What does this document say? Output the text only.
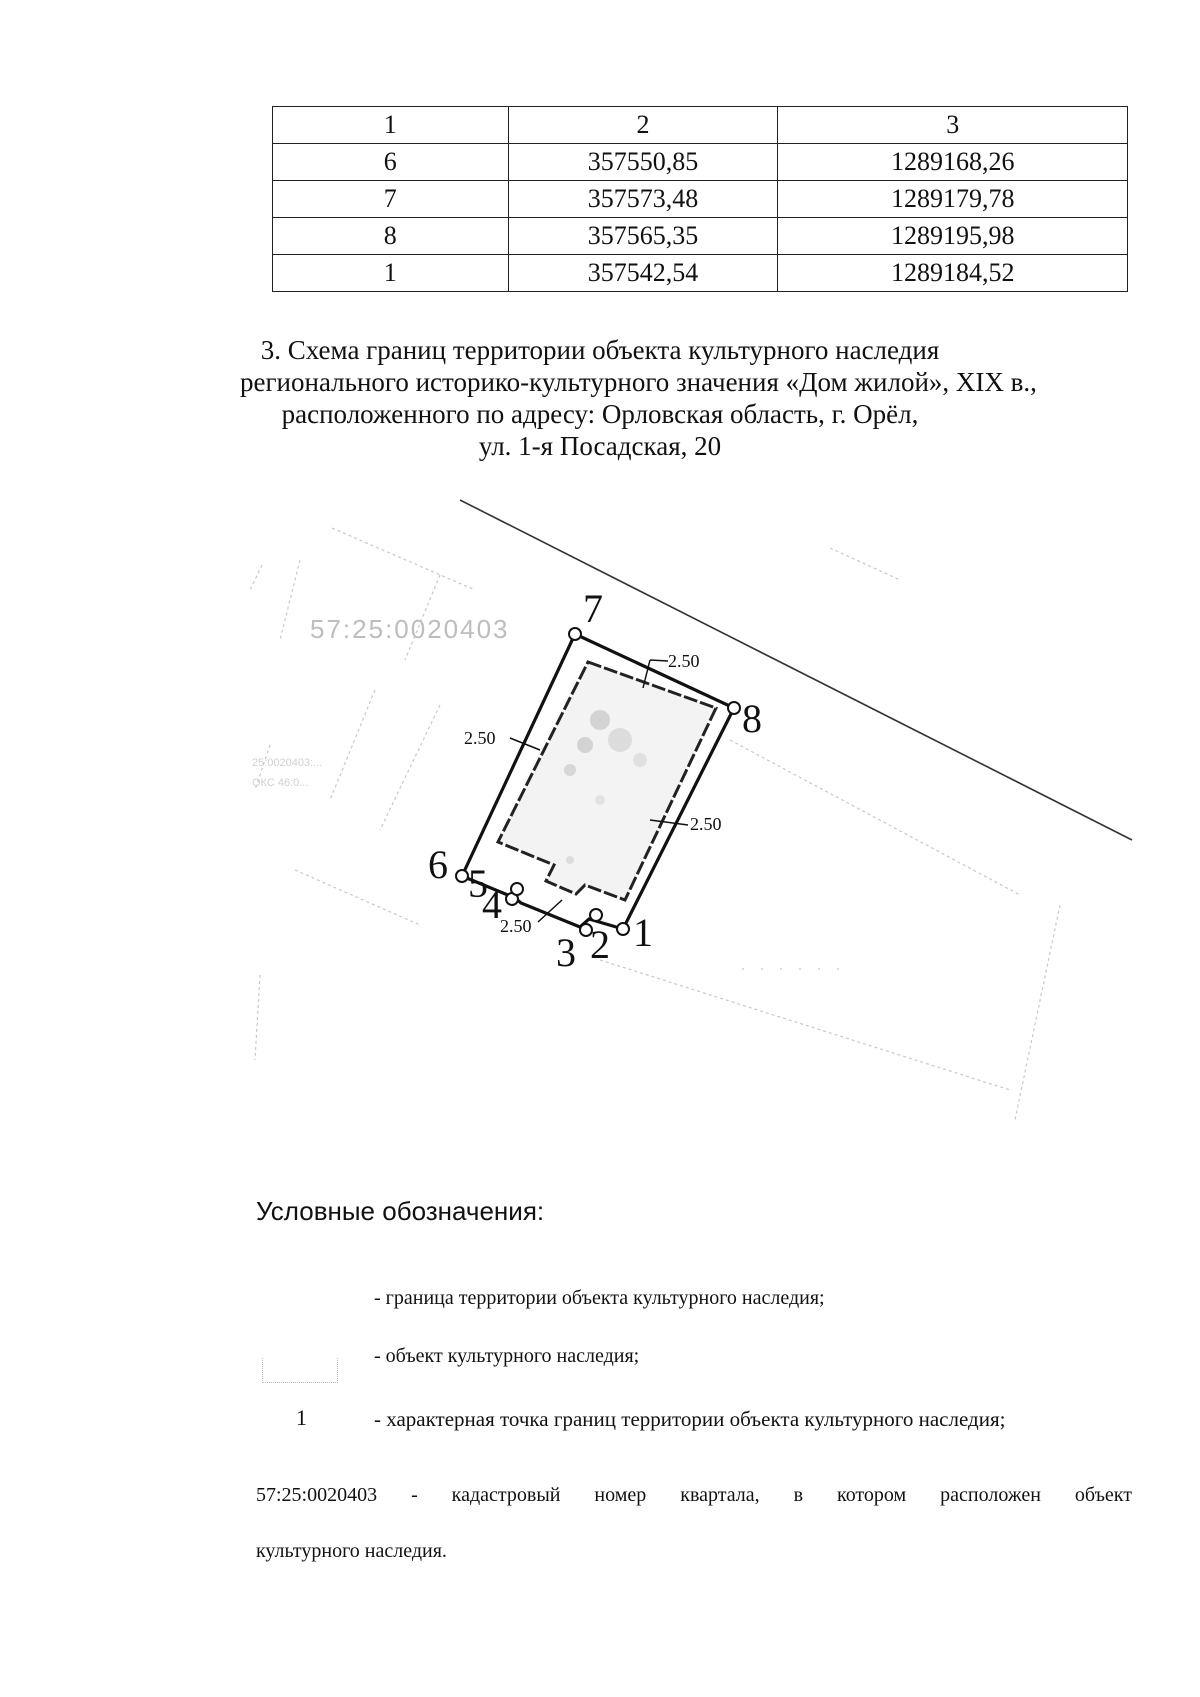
1	2	3
6	357550,85	1289168,26
7	357573,48	1289179,78
8	357565,35	1289195,98
1	357542,54	1289184,52
3. Схема границ территории объекта культурного наследия
регионального историко-культурного значения «Дом жилой», XIX в.,
расположенного по адресу: Орловская область, г. Орёл,
ул. 1-я Посадская, 20
57:25:0020403
25:0020403:...
ОКС 46:0...
· · · · · ·
1
2
3
4
5
6
7
8
2.50
2.50
2.50
2.50
Условные обозначения:
- граница территории объекта культурного наследия;
- объект культурного наследия;
1	- характерная точка границ территории объекта культурного наследия;

57:25:0020403 - кадастровый номер квартала, в котором расположен объект

культурного наследия.
